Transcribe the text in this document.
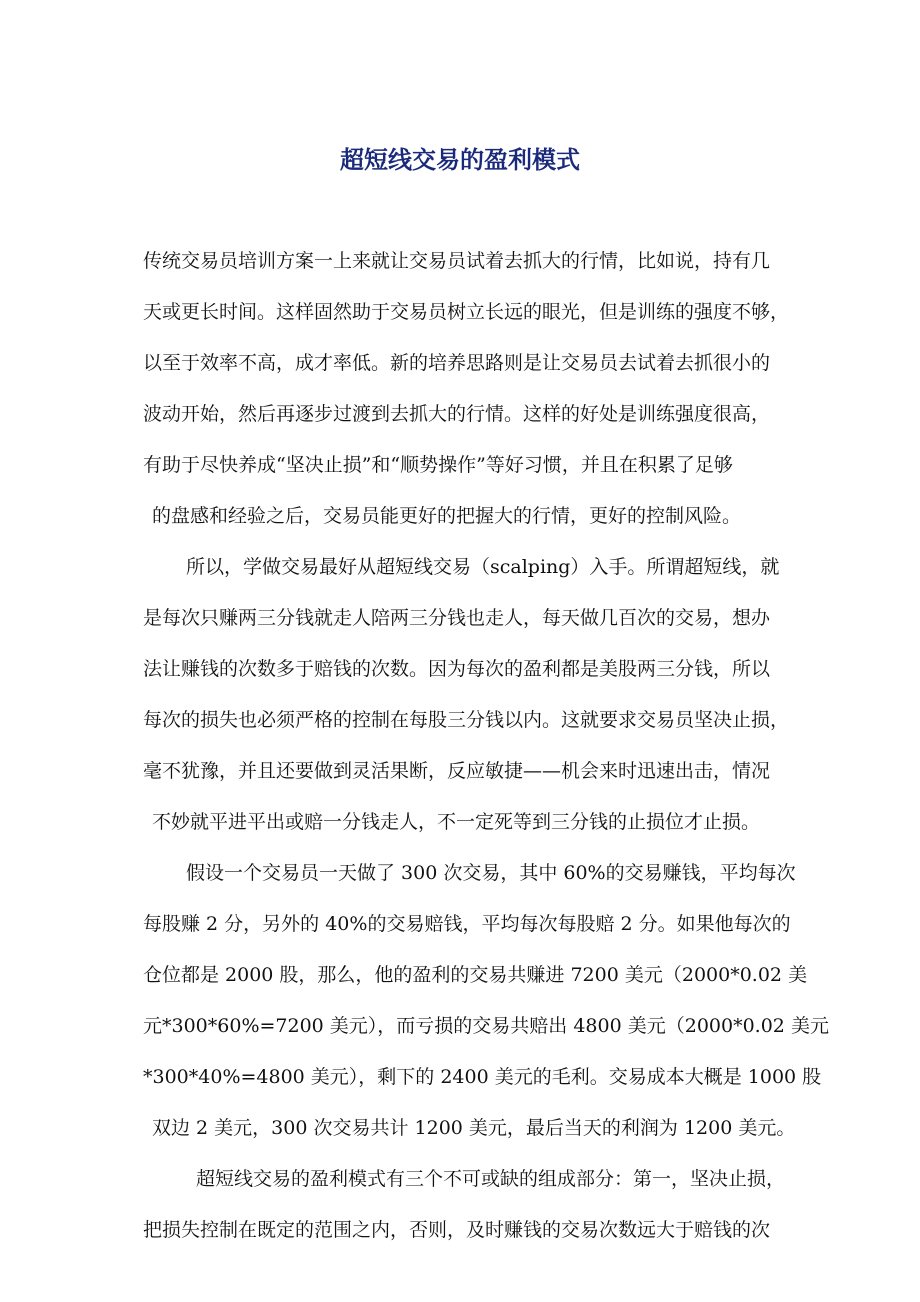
超短线交易的盈利模式
传统交易员培训方案一上来就让交易员试着去抓大的行情，比如说，持有几
天或更长时间。这样固然助于交易员树立长远的眼光，但是训练的强度不够，
以至于效率不高，成才率低。新的培养思路则是让交易员去试着去抓很小的
波动开始，然后再逐步过渡到去抓大的行情。这样的好处是训练强度很高，
有助于尽快养成“坚决止损”和“顺势操作”等好习惯，并且在积累了足够
的盘感和经验之后，交易员能更好的把握大的行情，更好的控制风险。
所以，学做交易最好从超短线交易（scalping）入手。所谓超短线，就
是每次只赚两三分钱就走人陪两三分钱也走人，每天做几百次的交易，想办
法让赚钱的次数多于赔钱的次数。因为每次的盈利都是美股两三分钱，所以
每次的损失也必须严格的控制在每股三分钱以内。这就要求交易员坚决止损，
毫不犹豫，并且还要做到灵活果断，反应敏捷——机会来时迅速出击，情况
不妙就平进平出或赔一分钱走人，不一定死等到三分钱的止损位才止损。
假设一个交易员一天做了 300 次交易，其中 60%的交易赚钱，平均每次
每股赚 2 分，另外的 40%的交易赔钱，平均每次每股赔 2 分。如果他每次的
仓位都是 2000 股，那么，他的盈利的交易共赚进 7200 美元（2000*0.02 美
元*300*60%=7200 美元），而亏损的交易共赔出 4800 美元（2000*0.02 美元
*300*40%=4800 美元），剩下的 2400 美元的毛利。交易成本大概是 1000 股
双边 2 美元，300 次交易共计 1200 美元，最后当天的利润为 1200 美元。
超短线交易的盈利模式有三个不可或缺的组成部分：第一，坚决止损，
把损失控制在既定的范围之内，否则，及时赚钱的交易次数远大于赔钱的次
